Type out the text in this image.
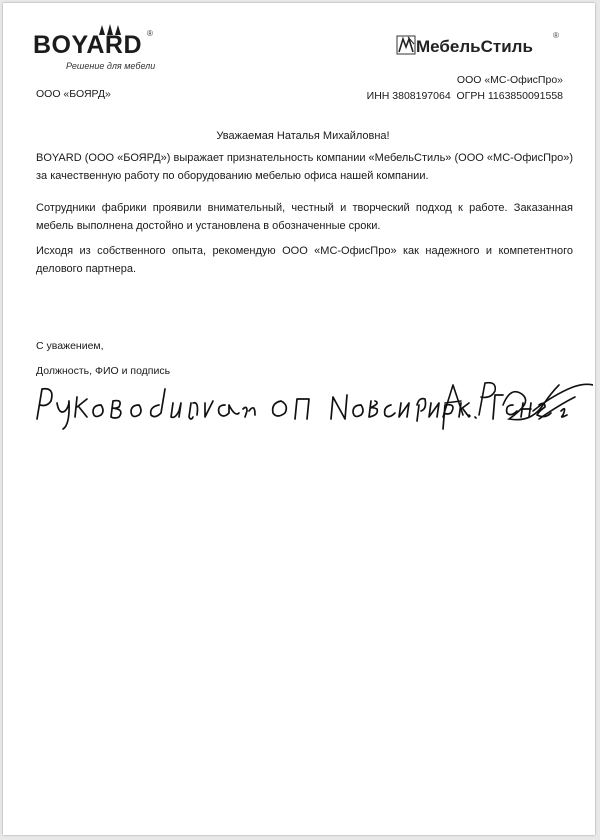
BOYARD ®
Решение для мебели
МебельСтиль
®
ООО «БОЯРД»
ООО «МС-ОфисПро»
ИНН 3808197064  ОГРН 1163850091558
Уважаемая Наталья Михайловна!
BOYARD (ООО «БОЯРД») выражает признательность компании «МебельСтиль» (ООО «МС-ОфисПро») за качественную работу по оборудованию мебелью офиса нашей компании.
Сотрудники фабрики проявили внимательный, честный и творческий подход к работе. Заказанная мебель выполнена достойно и установлена в обозначенные сроки.
Исходя из собственного опыта, рекомендую ООО «МС-ОфисПро» как надежного и компетентного делового партнера.
С уважением,
Должность, ФИО и подпись
